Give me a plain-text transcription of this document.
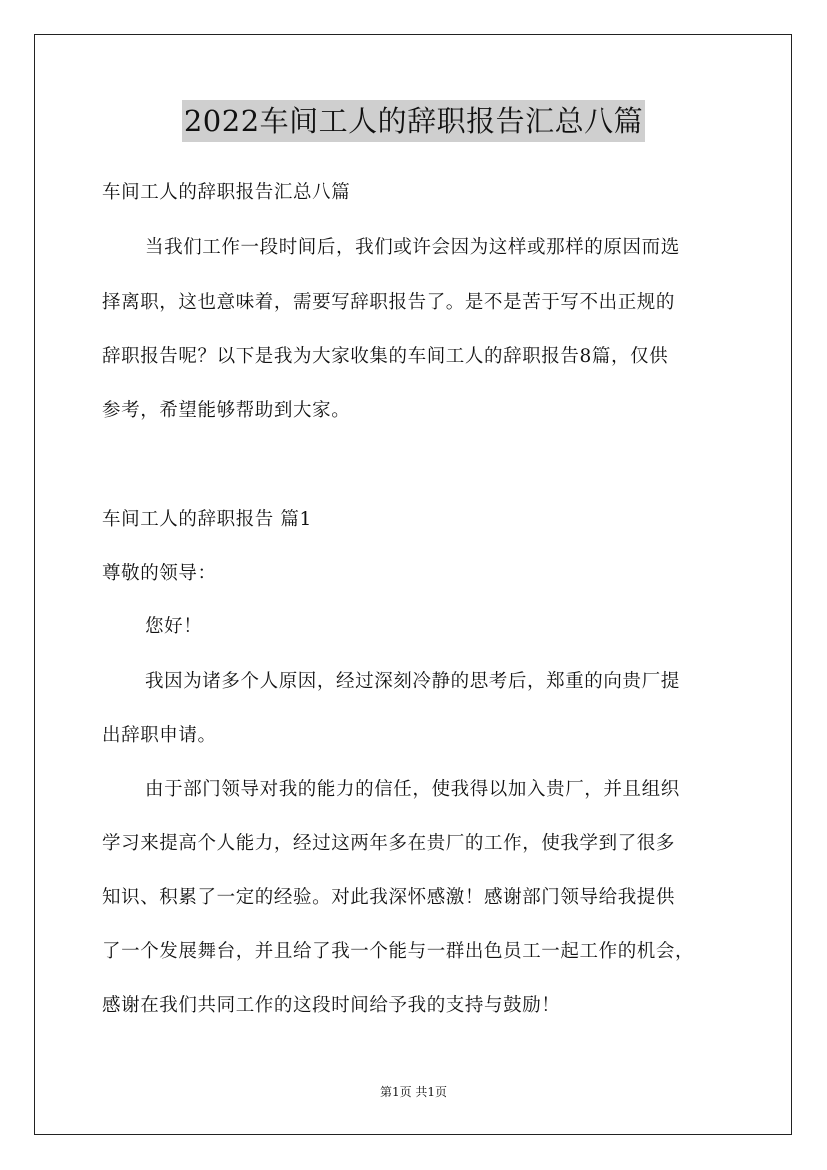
2022车间工人的辞职报告汇总八篇
车间工人的辞职报告汇总八篇
当我们工作一段时间后，我们或许会因为这样或那样的原因而选
择离职，这也意味着，需要写辞职报告了。是不是苦于写不出正规的
辞职报告呢？以下是我为大家收集的车间工人的辞职报告8篇，仅供
参考，希望能够帮助到大家。
车间工人的辞职报告 篇1
尊敬的领导：
您好！
我因为诸多个人原因，经过深刻冷静的思考后，郑重的向贵厂提
出辞职申请。
由于部门领导对我的能力的信任，使我得以加入贵厂，并且组织
学习来提高个人能力，经过这两年多在贵厂的工作，使我学到了很多
知识、积累了一定的经验。对此我深怀感激！感谢部门领导给我提供
了一个发展舞台，并且给了我一个能与一群出色员工一起工作的机会，
感谢在我们共同工作的这段时间给予我的支持与鼓励！
第1页 共1页
